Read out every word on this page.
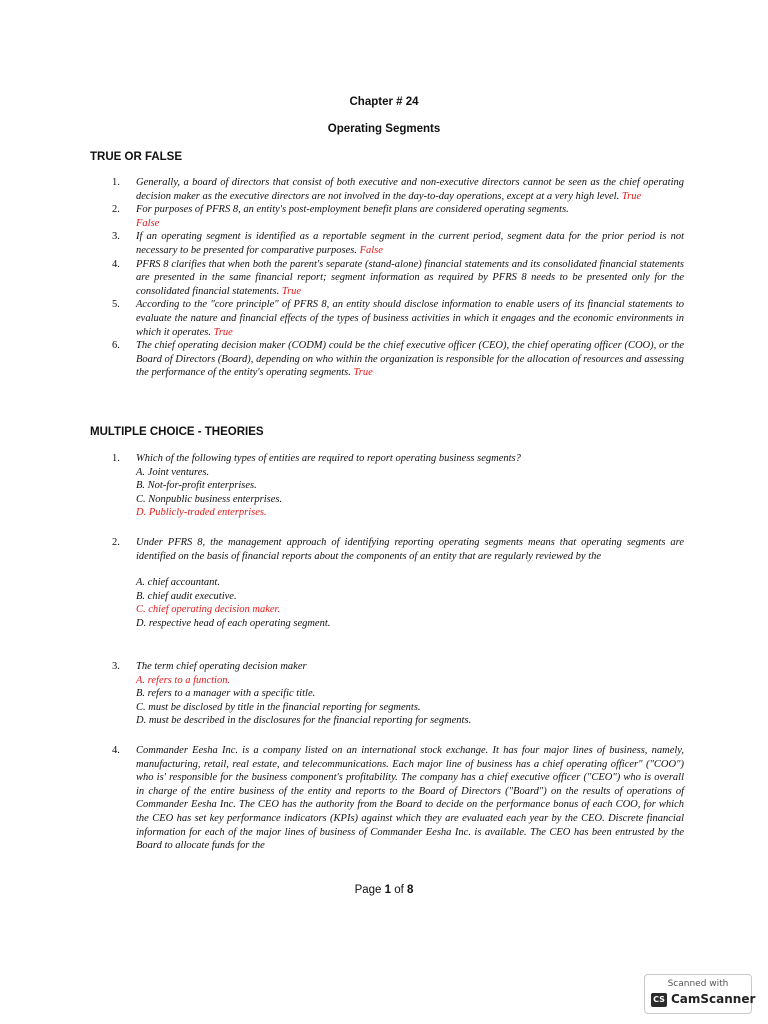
Chapter # 24
Operating Segments
TRUE OR FALSE
1. Generally, a board of directors that consist of both executive and non-executive directors cannot be seen as the chief operating decision maker as the executive directors are not involved in the day-to-day operations, except at a very high level. True
2. For purposes of PFRS 8, an entity's post-employment benefit plans are considered operating segments.
False
3. If an operating segment is identified as a reportable segment in the current period, segment data for the prior period is not necessary to be presented for comparative purposes. False
4. PFRS 8 clarifies that when both the parent's separate (stand-alone) financial statements and its consolidated financial statements are presented in the same financial report; segment information as required by PFRS 8 needs to be presented only for the consolidated financial statements. True
5. According to the "core principle" of PFRS 8, an entity should disclose information to enable users of its financial statements to evaluate the nature and financial effects of the types of business activities in which it engages and the economic environments in which it operates. True
6. The chief operating decision maker (CODM) could be the chief executive officer (CEO), the chief operating officer (COO), or the Board of Directors (Board), depending on who within the organization is responsible for the allocation of resources and assessing the performance of the entity's operating segments. True
MULTIPLE CHOICE - THEORIES
1. Which of the following types of entities are required to report operating business segments?
A. Joint ventures.
B. Not-for-profit enterprises.
C. Nonpublic business enterprises.
D. Publicly-traded enterprises.
2. Under PFRS 8, the management approach of identifying reporting operating segments means that operating segments are identified on the basis of financial reports about the components of an entity that are regularly reviewed by the
A. chief accountant.
B. chief audit executive.
C. chief operating decision maker.
D. respective head of each operating segment.
3. The term chief operating decision maker
A. refers to a function.
B. refers to a manager with a specific title.
C. must be disclosed by title in the financial reporting for segments.
D. must be described in the disclosures for the financial reporting for segments.
4. Commander Eesha Inc. is a company listed on an international stock exchange. It has four major lines of business, namely, manufacturing, retail, real estate, and telecommunications. Each major line of business has a chief operating officer" ("COO") who is' responsible for the business component's profitability. The company has a chief executive officer ("CEO") who is overall in charge of the entire business of the entity and reports to the Board of Directors ("Board") on the results of operations of Commander Eesha Inc. The CEO has the authority from the Board to decide on the performance bonus of each COO, for which the CEO has set key performance indicators (KPIs) against which they are evaluated each year by the CEO. Discrete financial information for each of the major lines of business of Commander Eesha Inc. is available. The CEO has been entrusted by the Board to allocate funds for the
Page 1 of 8
Scanned with
CS CamScanner
